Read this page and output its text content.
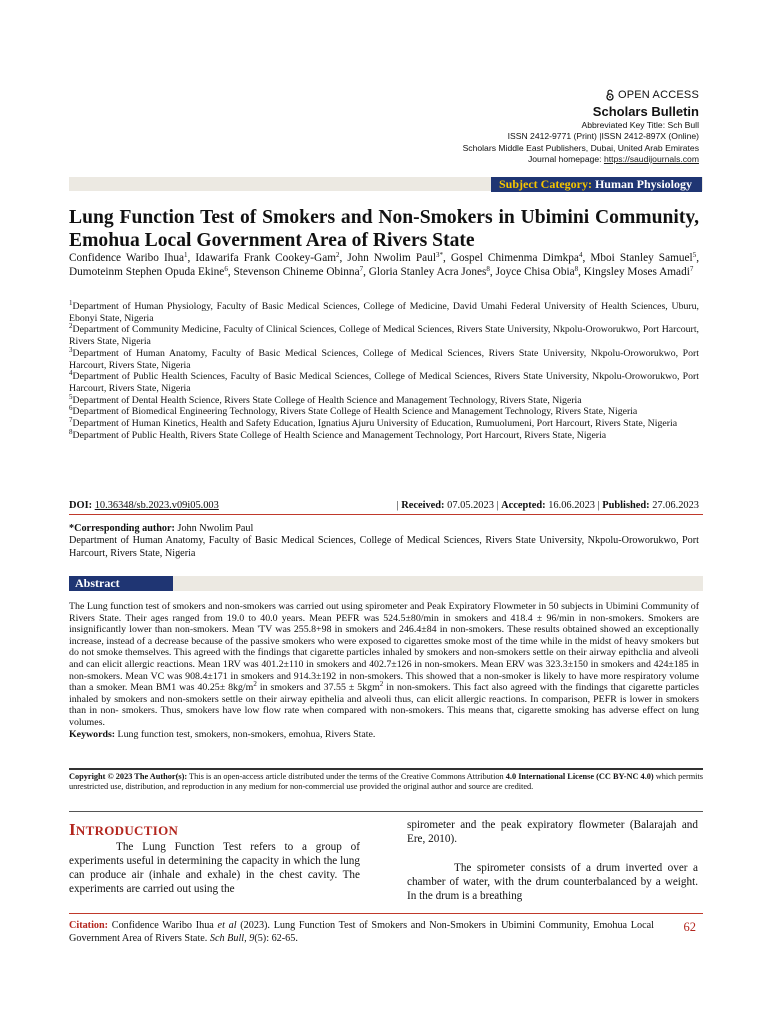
OPEN ACCESS
Scholars Bulletin
Abbreviated Key Title: Sch Bull
ISSN 2412-9771 (Print) |ISSN 2412-897X (Online)
Scholars Middle East Publishers, Dubai, United Arab Emirates
Journal homepage: https://saudijournals.com
Subject Category: Human Physiology
Lung Function Test of Smokers and Non-Smokers in Ubimini Community, Emohua Local Government Area of Rivers State
Confidence Waribo Ihua$^1$, Idawarifa Frank Cookey-Gam$^2$, John Nwolim Paul$^{3*}$, Gospel Chimenma Dimkpa$^4$, Mboi Stanley Samuel$^5$, Dumoteinm Stephen Opuda Ekine$^6$, Stevenson Chineme Obinna$^7$, Gloria Stanley Acra Jones$^8$, Joyce Chisa Obia$^8$, Kingsley Moses Amadi$^7$
$^1$Department of Human Physiology, Faculty of Basic Medical Sciences, College of Medicine, David Umahi Federal University of Health Sciences, Uburu, Ebonyi State, Nigeria
$^2$Department of Community Medicine, Faculty of Clinical Sciences, College of Medical Sciences, Rivers State University, Nkpolu-Oroworukwo, Port Harcourt, Rivers State, Nigeria
$^3$Department of Human Anatomy, Faculty of Basic Medical Sciences, College of Medical Sciences, Rivers State University, Nkpolu-Oroworukwo, Port Harcourt, Rivers State, Nigeria
$^4$Department of Public Health Sciences, Faculty of Basic Medical Sciences, College of Medical Sciences, Rivers State University, Nkpolu-Oroworukwo, Port Harcourt, Rivers State, Nigeria
$^5$Department of Dental Health Science, Rivers State College of Health Science and Management Technology, Rivers State, Nigeria
$^6$Department of Biomedical Engineering Technology, Rivers State College of Health Science and Management Technology, Rivers State, Nigeria
$^7$Department of Human Kinetics, Health and Safety Education, Ignatius Ajuru University of Education, Rumuolumeni, Port Harcourt, Rivers State, Nigeria
$^8$Department of Public Health, Rivers State College of Health Science and Management Technology, Port Harcourt, Rivers State, Nigeria
DOI: 10.36348/sb.2023.v09i05.003	| Received: 07.05.2023 | Accepted: 16.06.2023 | Published: 27.06.2023
*Corresponding author: John Nwolim Paul
Department of Human Anatomy, Faculty of Basic Medical Sciences, College of Medical Sciences, Rivers State University, Nkpolu-Oroworukwo, Port Harcourt, Rivers State, Nigeria
Abstract

The Lung function test of smokers and non-smokers was carried out using spirometer and Peak Expiratory Flowmeter in 50 subjects in Ubimini Community of Rivers State. Their ages ranged from 19.0 to 40.0 years. Mean PEFR was 524.5±80/min in smokers and 418.4 ± 96/min in non-smokers. Smokers are insignificantly lower than non-smokers. Mean 'TV was 255.8+98 in smokers and 246.4±84 in non-smokers. These results obtained showed an exceptionally increase, instead of a decrease because of the passive smokers who were exposed to cigarettes smoke most of the time while in the midst of heavy smokers but do not smoke themselves. This agreed with the findings that cigarette particles inhaled by smokers and non-smokers settle on their airway epithclia and alveoli and can elicit allergic reactions. Mean 1RV was 401.2±110 in smokers and 402.7±126 in non-smokers. Mean ERV was 323.3±150 in smokers and 424±185 in non-smokers. Mean VC was 908.4±171 in smokers and 914.3±192 in non-smokers. This showed that a non-smoker is likely to have more respiratory volume than a smoker. Mean BM1 was $40.25\pm 8kg/m^2$ in smokers and 37.55 ± 5kgm$^2$ in non-smokers. This fact also agreed with the findings that cigarette particles inhaled by smokers and non-smokers settle on their airway epithelia and alveoli thus, can elicit allergic reactions. In comparison, PEFR is lower in smokers than in non- smokers. Thus, smokers have low flow rate when compared with non-smokers. This means that, cigarette smoking has adverse effect on lung volumes.

Keywords: Lung function test, smokers, non-smokers, emohua, Rivers State.

Copyright © 2023 The Author(s): This is an open-access article distributed under the terms of the Creative Commons Attribution 4.0 International License (CC BY-NC 4.0) which permits unrestricted use, distribution, and reproduction in any medium for non-commercial use provided the original author and source are credited.
INTRODUCTION

The Lung Function Test refers to a group of experiments useful in determining the capacity in which the lung can produce air (inhale and exhale) in the chest cavity. The experiments are carried out using the

spirometer and the peak expiratory flowmeter (Balarajah and Ere, 2010).

The spirometer consists of a drum inverted over a chamber of water, with the drum counterbalanced by a weight. In the drum is a breathing

Citation: Confidence Waribo Ihua et al (2023). Lung Function Test of Smokers and Non-Smokers in Ubimini Community, Emohua Local Government Area of Rivers State. Sch Bull, 9(5): 62-65.
62
